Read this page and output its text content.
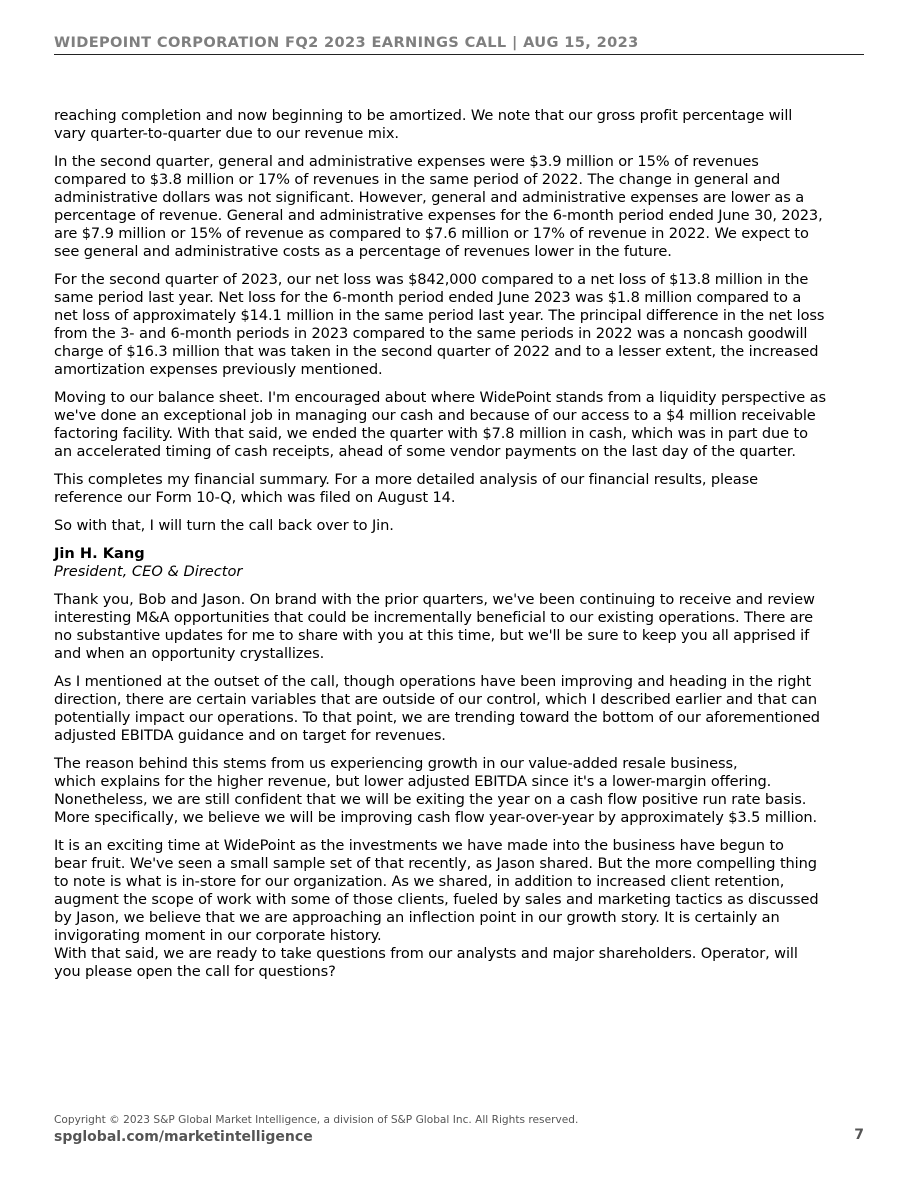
WIDEPOINT CORPORATION FQ2 2023 EARNINGS CALL | AUG 15, 2023

reaching completion and now beginning to be amortized. We note that our gross profit percentage will
vary quarter-to-quarter due to our revenue mix.

In the second quarter, general and administrative expenses were $3.9 million or 15% of revenues
compared to $3.8 million or 17% of revenues in the same period of 2022. The change in general and
administrative dollars was not significant. However, general and administrative expenses are lower as a
percentage of revenue. General and administrative expenses for the 6-month period ended June 30, 2023,
are $7.9 million or 15% of revenue as compared to $7.6 million or 17% of revenue in 2022. We expect to
see general and administrative costs as a percentage of revenues lower in the future.

For the second quarter of 2023, our net loss was $842,000 compared to a net loss of $13.8 million in the
same period last year. Net loss for the 6-month period ended June 2023 was $1.8 million compared to a
net loss of approximately $14.1 million in the same period last year. The principal difference in the net loss
from the 3- and 6-month periods in 2023 compared to the same periods in 2022 was a noncash goodwill
charge of $16.3 million that was taken in the second quarter of 2022 and to a lesser extent, the increased
amortization expenses previously mentioned.

Moving to our balance sheet. I'm encouraged about where WidePoint stands from a liquidity perspective as
we've done an exceptional job in managing our cash and because of our access to a $4 million receivable
factoring facility. With that said, we ended the quarter with $7.8 million in cash, which was in part due to
an accelerated timing of cash receipts, ahead of some vendor payments on the last day of the quarter.

This completes my financial summary. For a more detailed analysis of our financial results, please
reference our Form 10-Q, which was filed on August 14.

So with that, I will turn the call back over to Jin.

Jin H. Kang
President, CEO & Director

Thank you, Bob and Jason. On brand with the prior quarters, we've been continuing to receive and review
interesting M&A opportunities that could be incrementally beneficial to our existing operations. There are
no substantive updates for me to share with you at this time, but we'll be sure to keep you all apprised if
and when an opportunity crystallizes.

As I mentioned at the outset of the call, though operations have been improving and heading in the right
direction, there are certain variables that are outside of our control, which I described earlier and that can
potentially impact our operations. To that point, we are trending toward the bottom of our aforementioned
adjusted EBITDA guidance and on target for revenues.

The reason behind this stems from us experiencing growth in our value-added resale business,
which explains for the higher revenue, but lower adjusted EBITDA since it's a lower-margin offering.
Nonetheless, we are still confident that we will be exiting the year on a cash flow positive run rate basis.
More specifically, we believe we will be improving cash flow year-over-year by approximately $3.5 million.

It is an exciting time at WidePoint as the investments we have made into the business have begun to
bear fruit. We've seen a small sample set of that recently, as Jason shared. But the more compelling thing
to note is what is in-store for our organization. As we shared, in addition to increased client retention,
augment the scope of work with some of those clients, fueled by sales and marketing tactics as discussed
by Jason, we believe that we are approaching an inflection point in our growth story. It is certainly an
invigorating moment in our corporate history.

With that said, we are ready to take questions from our analysts and major shareholders. Operator, will
you please open the call for questions?

Copyright © 2023 S&P Global Market Intelligence, a division of S&P Global Inc. All Rights reserved.
spglobal.com/marketintelligence	7
